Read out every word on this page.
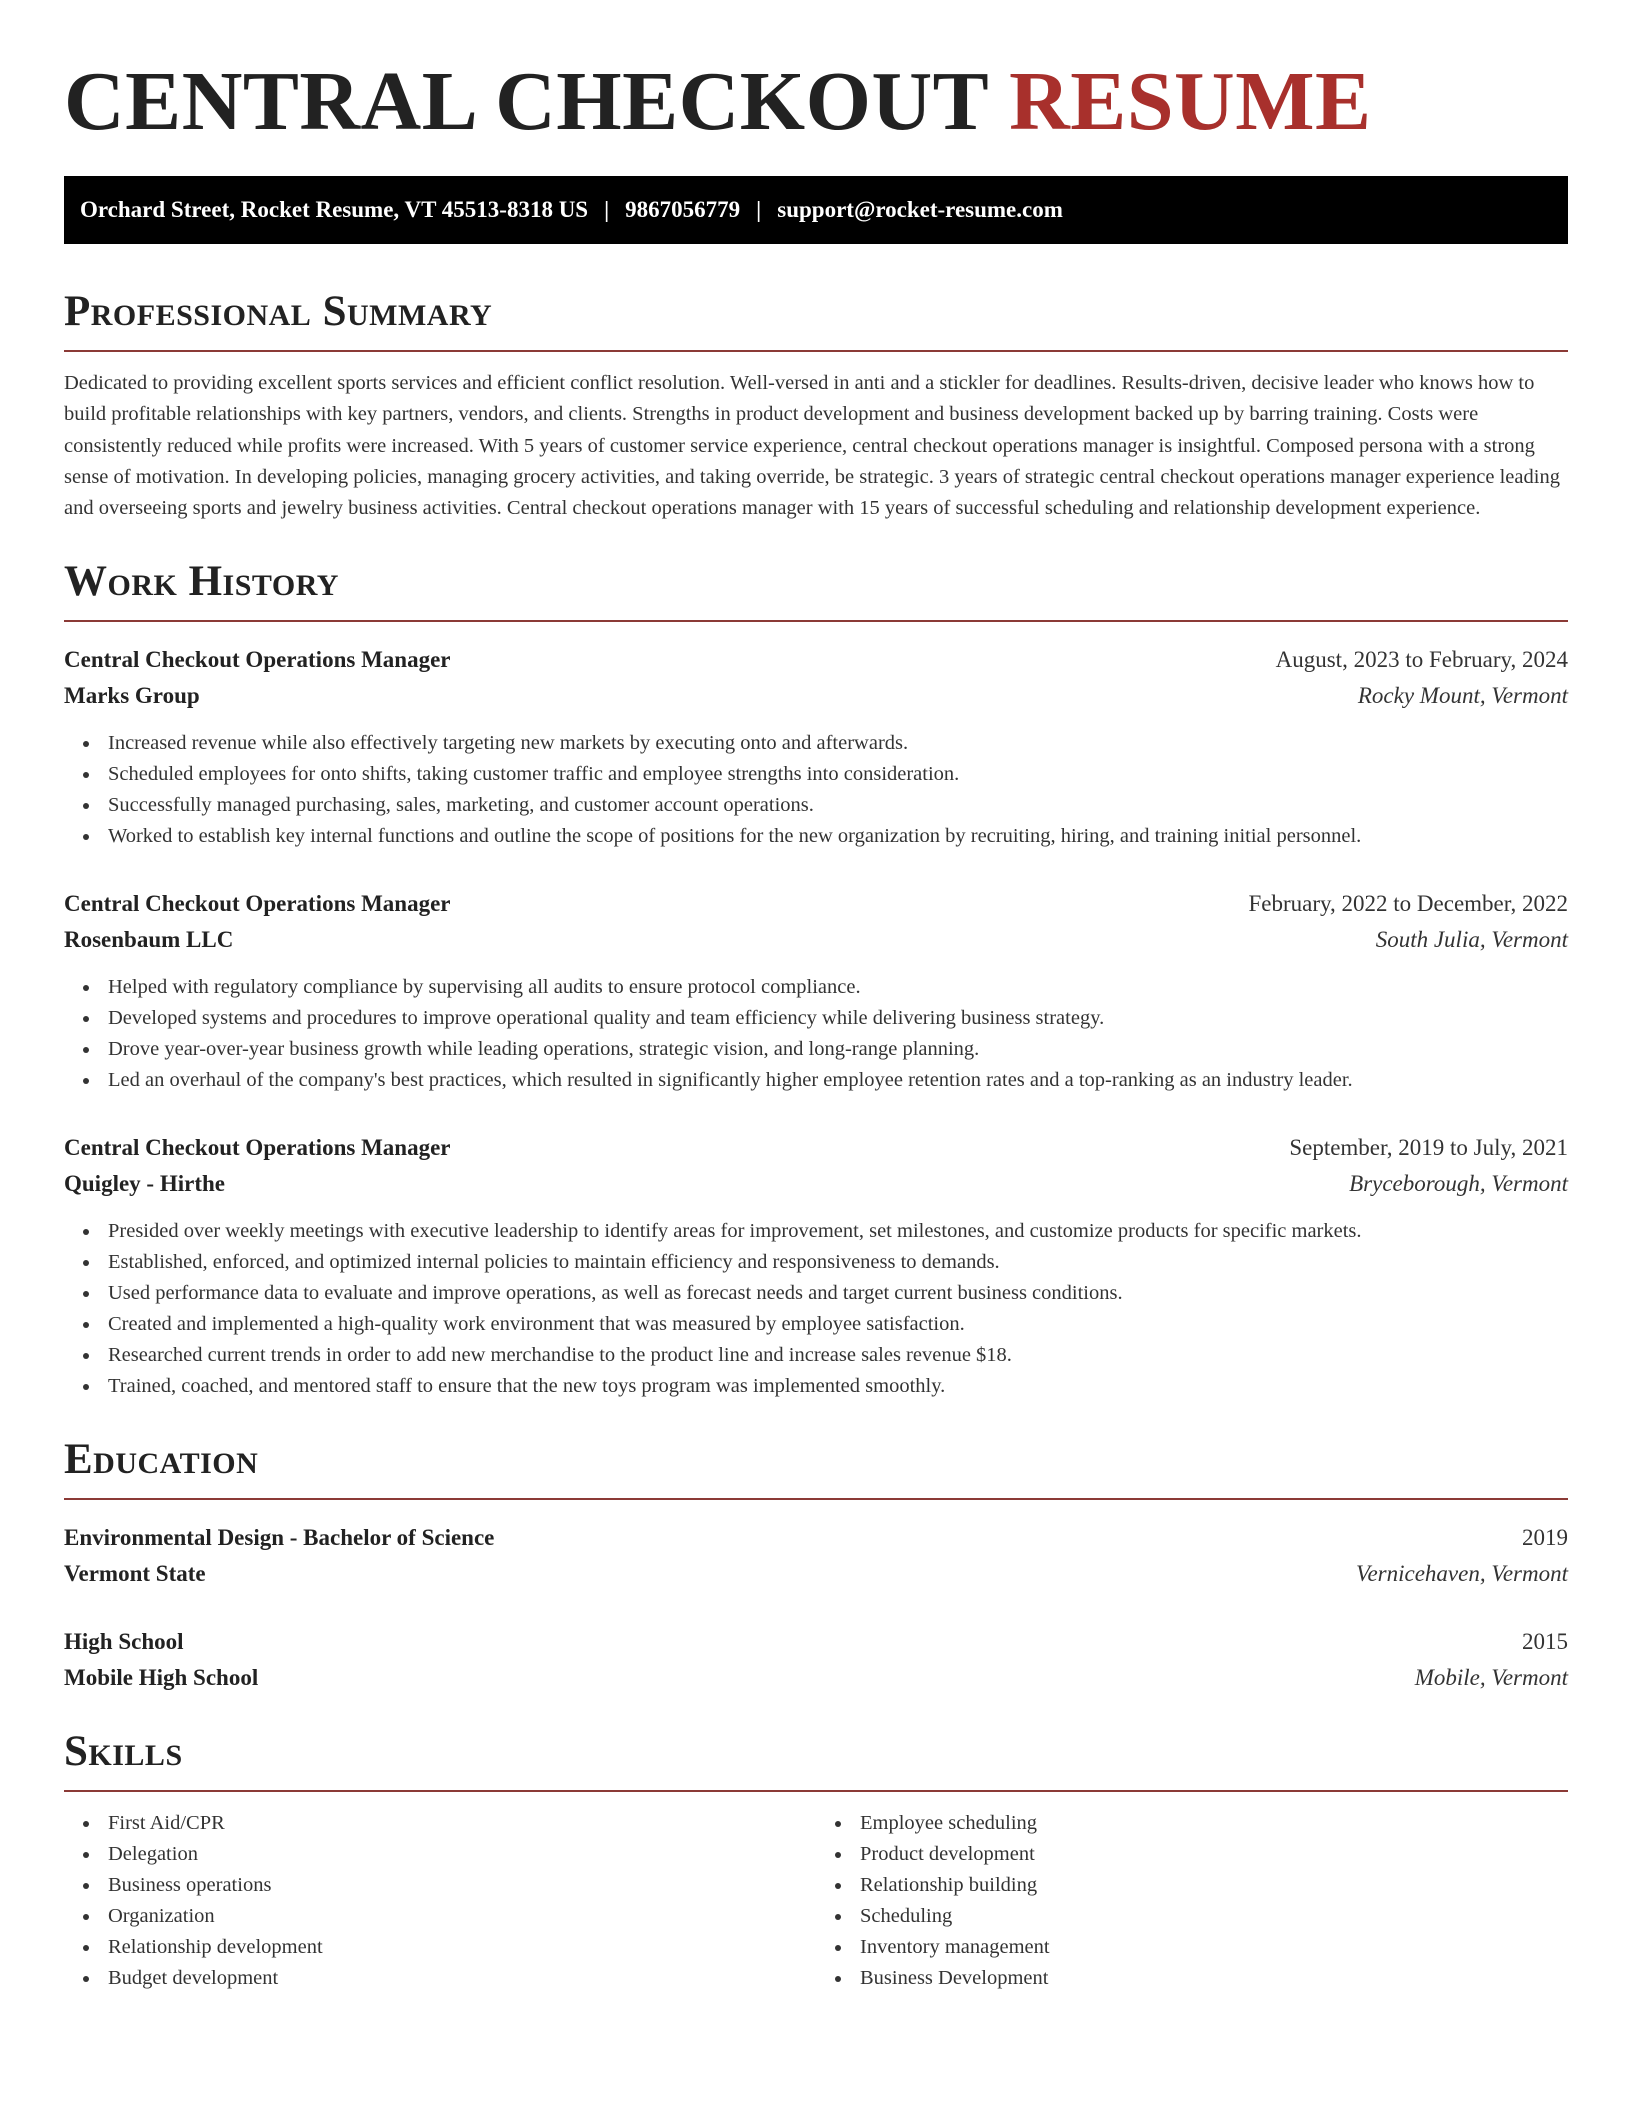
CENTRAL CHECKOUT RESUME
Orchard Street, Rocket Resume, VT 45513-8318 US | 9867056779 | support@rocket-resume.com
Professional Summary

Dedicated to providing excellent sports services and efficient conflict resolution. Well-versed in anti and a stickler for deadlines. Results-driven, decisive leader who knows how to build profitable relationships with key partners, vendors, and clients. Strengths in product development and business development backed up by barring training. Costs were consistently reduced while profits were increased. With 5 years of customer service experience, central checkout operations manager is insightful. Composed persona with a strong sense of motivation. In developing policies, managing grocery activities, and taking override, be strategic. 3 years of strategic central checkout operations manager experience leading and overseeing sports and jewelry business activities. Central checkout operations manager with 15 years of successful scheduling and relationship development experience.

Work History
Central Checkout Operations Manager	August, 2023 to February, 2024
Marks Group	Rocky Mount, Vermont
Increased revenue while also effectively targeting new markets by executing onto and afterwards.
Scheduled employees for onto shifts, taking customer traffic and employee strengths into consideration.
Successfully managed purchasing, sales, marketing, and customer account operations.
Worked to establish key internal functions and outline the scope of positions for the new organization by recruiting, hiring, and training initial personnel.
Central Checkout Operations Manager	February, 2022 to December, 2022
Rosenbaum LLC	South Julia, Vermont
Helped with regulatory compliance by supervising all audits to ensure protocol compliance.
Developed systems and procedures to improve operational quality and team efficiency while delivering business strategy.
Drove year-over-year business growth while leading operations, strategic vision, and long-range planning.
Led an overhaul of the company's best practices, which resulted in significantly higher employee retention rates and a top-ranking as an industry leader.
Central Checkout Operations Manager	September, 2019 to July, 2021
Quigley - Hirthe	Bryceborough, Vermont
Presided over weekly meetings with executive leadership to identify areas for improvement, set milestones, and customize products for specific markets.
Established, enforced, and optimized internal policies to maintain efficiency and responsiveness to demands.
Used performance data to evaluate and improve operations, as well as forecast needs and target current business conditions.
Created and implemented a high-quality work environment that was measured by employee satisfaction.
Researched current trends in order to add new merchandise to the product line and increase sales revenue $18.
Trained, coached, and mentored staff to ensure that the new toys program was implemented smoothly.
Education
Environmental Design - Bachelor of Science	2019
Vermont State	Vernicehaven, Vermont
High School	2015
Mobile High School	Mobile, Vermont
Skills
First Aid/CPR
Delegation
Business operations
Organization
Relationship development
Budget development
Employee scheduling
Product development
Relationship building
Scheduling
Inventory management
Business Development
